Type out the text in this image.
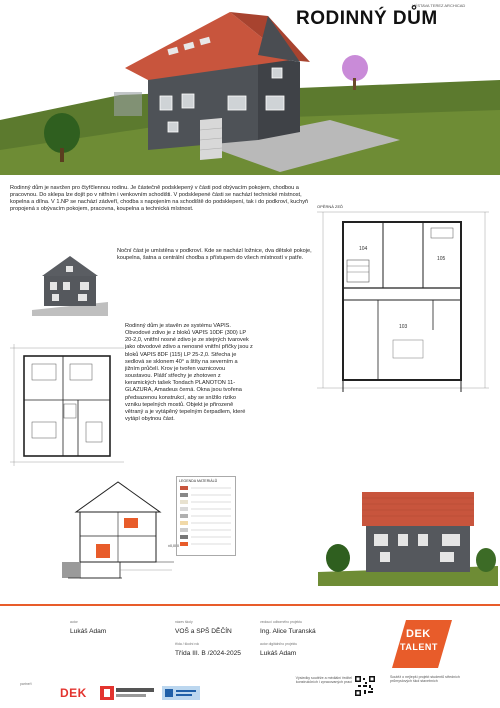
RODINNÝ DŮM
VÝSTAVA TEREZ ARCHICAD
Rodinný dům je navržen pro čtyřčlennou rodinu. Je částečně podsklepený v části pod obývacím pokojem, chodbou a pracovnou. Do sklepa lze dojít po v nitřním i venkovním schodišti. V podsklepené části se nachází technické místnost, kopelna a dílna. V 1.NP se nachází zádveří, chodba s napojením na schodiště do podsklepení, tak i do podkroví, kuchyň propojená s obývacím pokojem, pracovna, koupelna a technická místnost.
Noční část je umístěna v podkroví. Kde se nachází ložnice, dva dětské pokoje, koupelna, šatna a centrální chodba s přístupem do všech místností v patře.
Rodinný dům je stavěn ze systému VAPIS. Obvodové zdivo je z bloků VAPIS 10DF (300) LP 20-2,0, vnitřní nosné zdivo je ze stejných tvarovek jako obvodové zdivo a nenosné vnitřní příčky jsou z bloků VAPIS 8DF (115) LP 25-2,0. Střecha je sedlová se sklonem 40° a štíty na severním a jižním průčelí. Krov je tvořen vaznicovou soustavou. Plášť střechy je zhotoven z keramických tašek Tondach PLANOTON 11-GLAZURA, Amadeus černá. Okna jsou tvořena předsazenou konstrukcí, aby se snížilo riziko vzniku tepelných mostů. Objekt je přirozeně větraný a je vytápěný tepelným čerpadlem, které vytápí obytnou část.
OPĚRNÁ ZEĎ
104
103
105
±0,000
LEGENDA MATERIÁLŮ
autor
Lukáš Adam
název školy
VOŠ a SPŠ DĚČÍN
třída / školní rok
Třída III. B /2024-2025
vedoucí odborného projektu
Ing. Alice Turanská
autor digitálního projektu
Lukáš Adam
DEK
TALENT
partneři
DEK
Výsledky soutěže a médiální ředitel konstrukčních i zpracovaných prací
Soutěž o nejlepší projekt studentů středních průmyslových škol stavebních
